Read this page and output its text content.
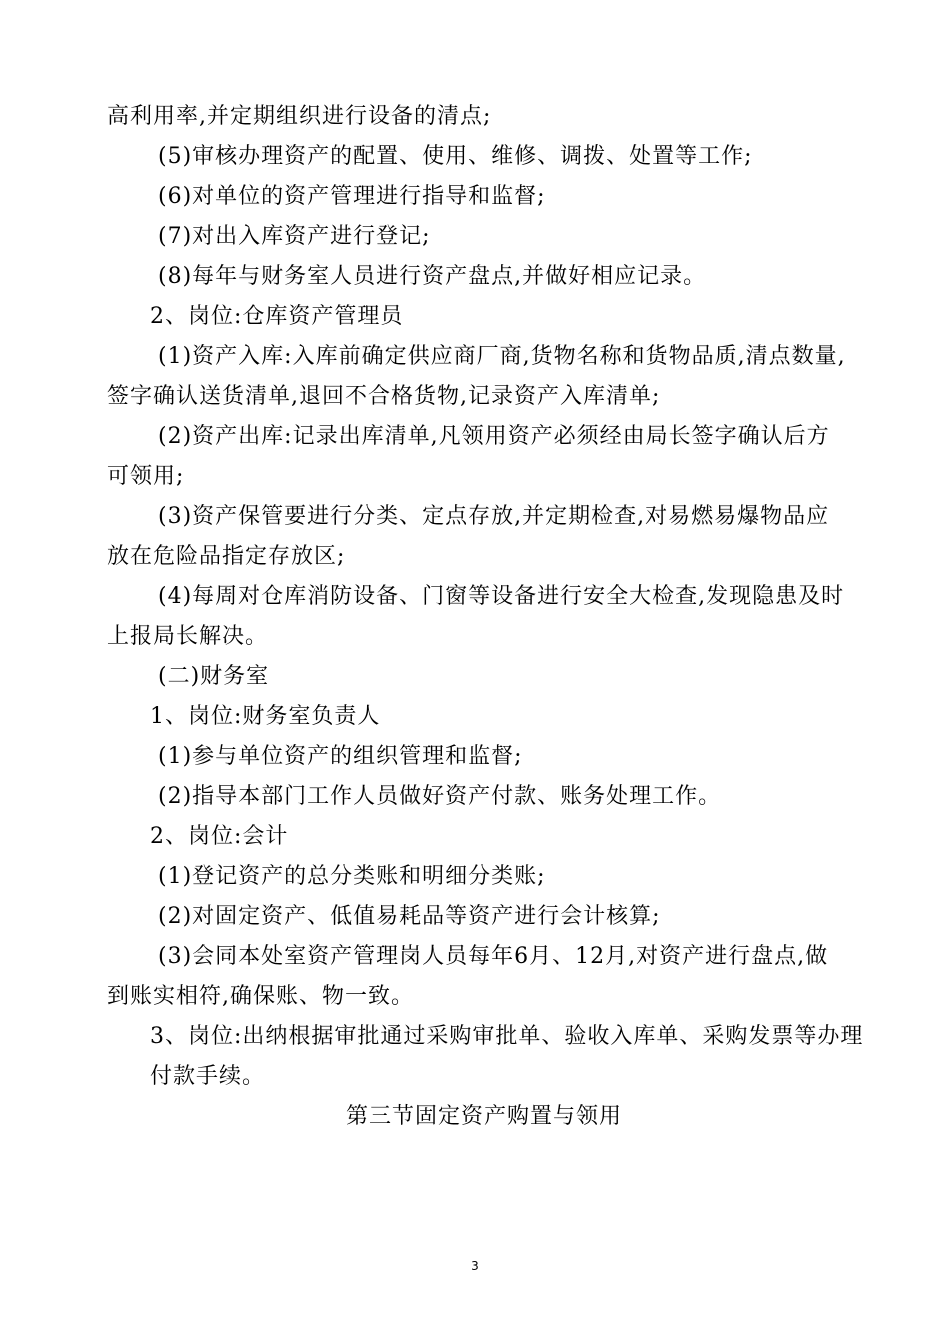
高利用率,并定期组织进行设备的清点;
(5)审核办理资产的配置、使用、维修、调拨、处置等工作;
(6)对单位的资产管理进行指导和监督;
(7)对出入库资产进行登记;
(8)每年与财务室人员进行资产盘点,并做好相应记录。
2、岗位:仓库资产管理员
(1)资产入库:入库前确定供应商厂商,货物名称和货物品质,清点数量,
签字确认送货清单,退回不合格货物,记录资产入库清单;
(2)资产出库:记录出库清单,凡领用资产必须经由局长签字确认后方
可领用;
(3)资产保管要进行分类、定点存放,并定期检查,对易燃易爆物品应
放在危险品指定存放区;
(4)每周对仓库消防设备、门窗等设备进行安全大检查,发现隐患及时
上报局长解决。
(二)财务室
1、岗位:财务室负责人
(1)参与单位资产的组织管理和监督;
(2)指导本部门工作人员做好资产付款、账务处理工作。
2、岗位:会计
(1)登记资产的总分类账和明细分类账;
(2)对固定资产、低值易耗品等资产进行会计核算;
(3)会同本处室资产管理岗人员每年6月、12月,对资产进行盘点,做
到账实相符,确保账、物一致。
3、岗位:出纳根据审批通过采购审批单、验收入库单、采购发票等办理
付款手续。
第三节固定资产购置与领用
3
